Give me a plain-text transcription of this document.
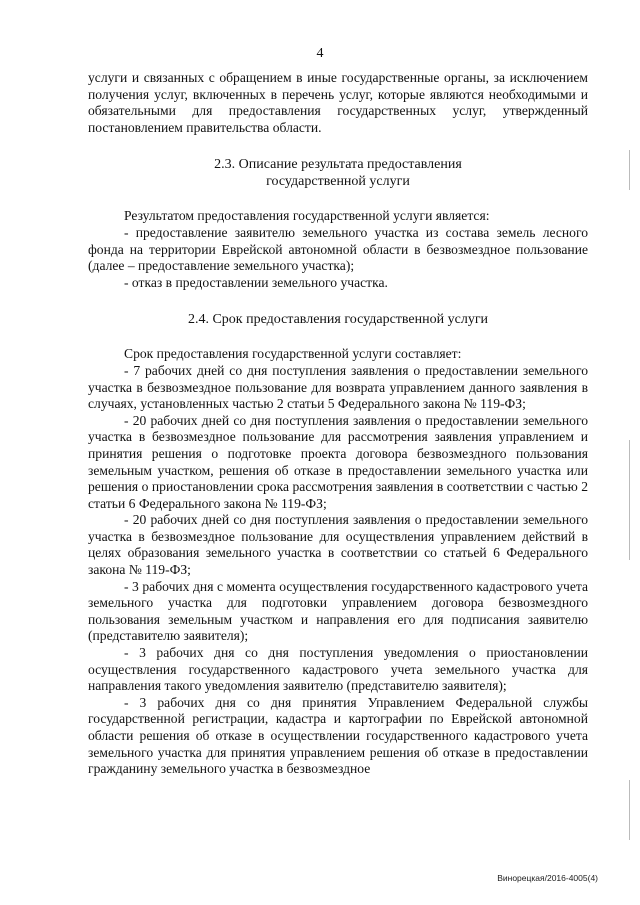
4

услуги и связанных с обращением в иные государственные органы, за исключением получения услуг, включенных в перечень услуг, которые являются необходимыми и обязательными для предоставления государственных услуг, утвержденный постановлением правительства области.

2.3. Описание результата предоставления
государственной услуги

Результатом предоставления государственной услуги является:

- предоставление заявителю земельного участка из состава земель лесного фонда на территории Еврейской автономной области в безвозмездное пользование (далее – предоставление земельного участка);

- отказ в предоставлении земельного участка.

2.4. Срок предоставления государственной услуги

Срок предоставления государственной услуги составляет:

- 7 рабочих дней со дня поступления заявления о предоставлении земельного участка в безвозмездное пользование для возврата управлением данного заявления в случаях, установленных частью 2 статьи 5 Федерального закона № 119-ФЗ;

- 20 рабочих дней со дня поступления заявления о предоставлении земельного участка в безвозмездное пользование для рассмотрения заявления управлением и принятия решения о подготовке проекта договора безвозмездного пользования земельным участком, решения об отказе в предоставлении земельного участка или решения о приостановлении срока рассмотрения заявления в соответствии с частью 2 статьи 6 Федерального закона № 119-ФЗ;

- 20 рабочих дней со дня поступления заявления о предоставлении земельного участка в безвозмездное пользование для осуществления управлением действий в целях образования земельного участка в соответствии со статьей 6 Федерального закона № 119-ФЗ;

- 3 рабочих дня с момента осуществления государственного кадастрового учета земельного участка для подготовки управлением договора безвозмездного пользования земельным участком и направления его для подписания заявителю (представителю заявителя);

- 3 рабочих дня со дня поступления уведомления о приостановлении осуществления государственного кадастрового учета земельного участка для направления такого уведомления заявителю (представителю заявителя);

- 3 рабочих дня со дня принятия Управлением Федеральной службы государственной регистрации, кадастра и картографии по Еврейской автономной области решения об отказе в осуществлении государственного кадастрового учета земельного участка для принятия управлением решения об отказе в предоставлении гражданину земельного участка в безвозмездное

Винорецкая/2016-4005(4)
